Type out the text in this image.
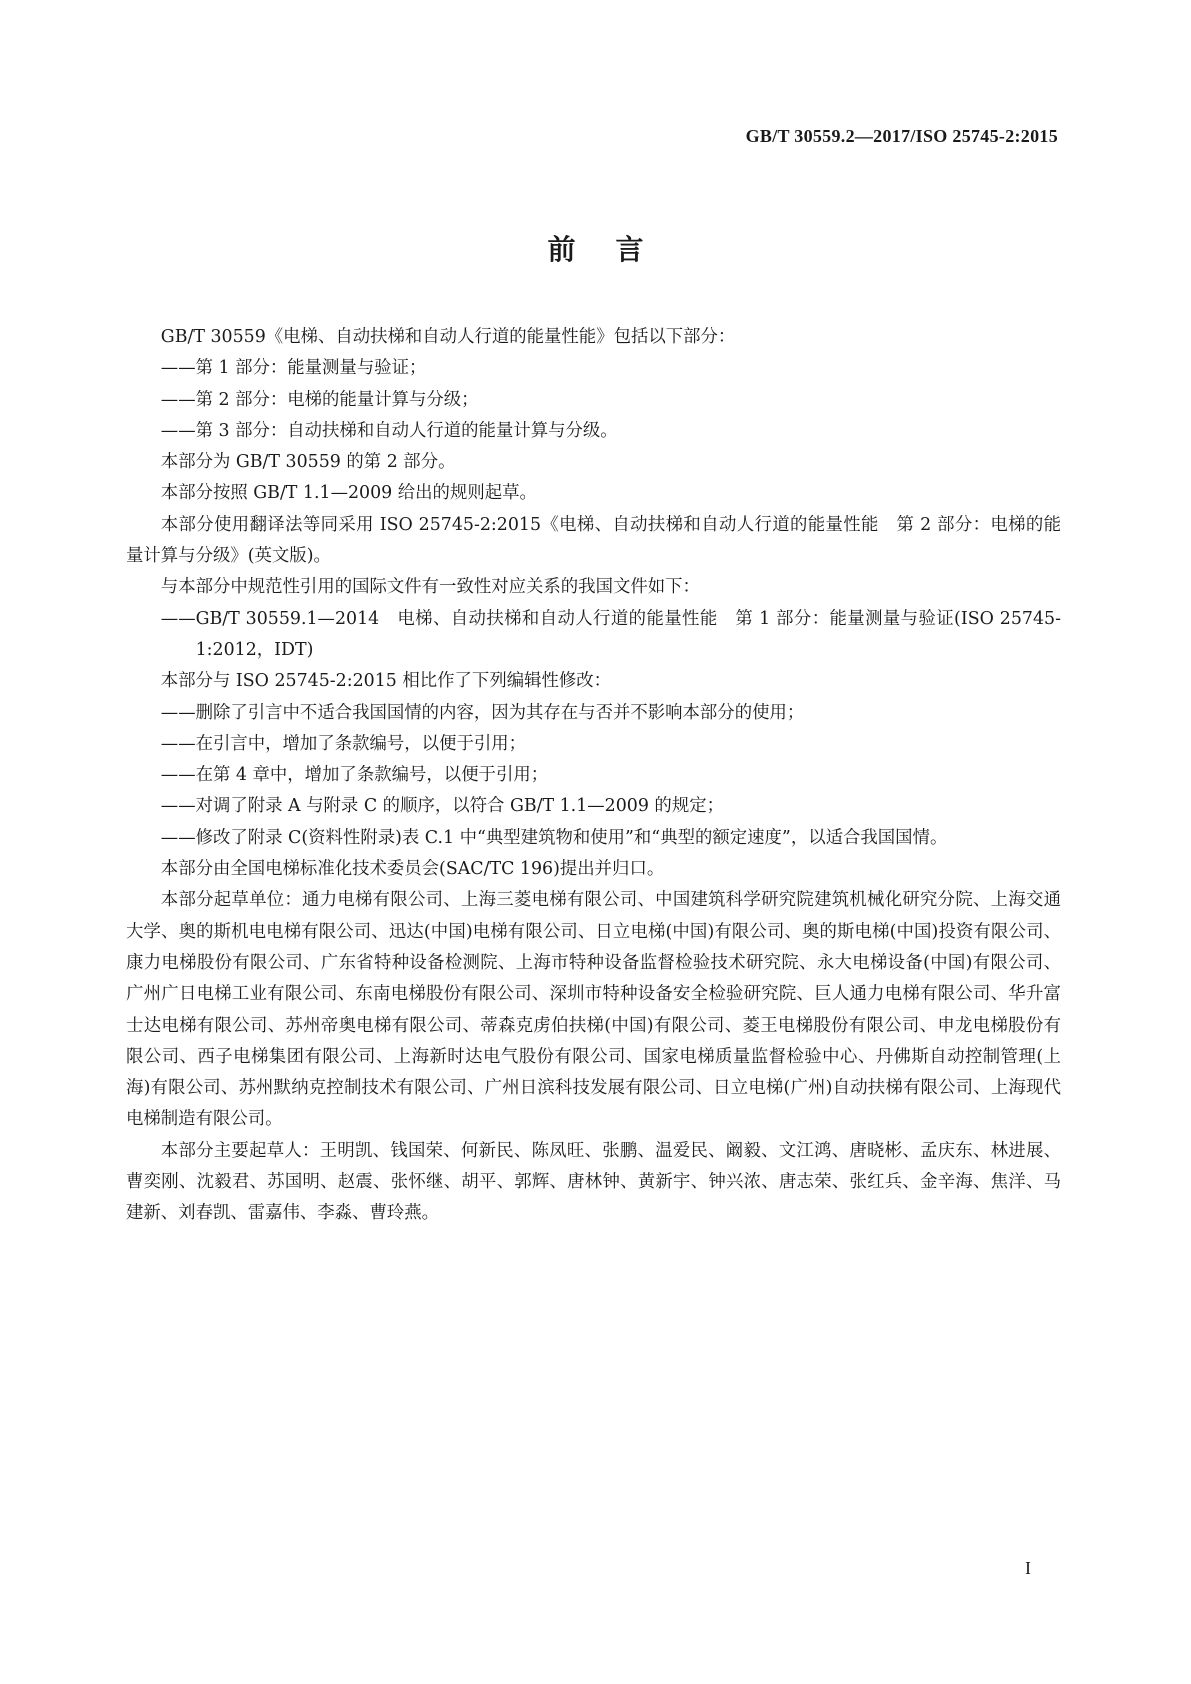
GB/T 30559.2—2017/ISO 25745-2:2015
前言

GB/T 30559《电梯、自动扶梯和自动人行道的能量性能》包括以下部分：

——第 1 部分：能量测量与验证；

——第 2 部分：电梯的能量计算与分级；

——第 3 部分：自动扶梯和自动人行道的能量计算与分级。

本部分为 GB/T 30559 的第 2 部分。

本部分按照 GB/T 1.1—2009 给出的规则起草。

本部分使用翻译法等同采用 ISO 25745-2:2015《电梯、自动扶梯和自动人行道的能量性能　第 2 部分：电梯的能量计算与分级》(英文版)。

与本部分中规范性引用的国际文件有一致性对应关系的我国文件如下：

——GB/T 30559.1—2014　电梯、自动扶梯和自动人行道的能量性能　第 1 部分：能量测量与验证(ISO 25745-1:2012，IDT)

本部分与 ISO 25745-2:2015 相比作了下列编辑性修改：

——删除了引言中不适合我国国情的内容，因为其存在与否并不影响本部分的使用；

——在引言中，增加了条款编号，以便于引用；

——在第 4 章中，增加了条款编号，以便于引用；

——对调了附录 A 与附录 C 的顺序，以符合 GB/T 1.1—2009 的规定；

——修改了附录 C(资料性附录)表 C.1 中“典型建筑物和使用”和“典型的额定速度”，以适合我国国情。

本部分由全国电梯标准化技术委员会(SAC/TC 196)提出并归口。

本部分起草单位：通力电梯有限公司、上海三菱电梯有限公司、中国建筑科学研究院建筑机械化研究分院、上海交通大学、奥的斯机电电梯有限公司、迅达(中国)电梯有限公司、日立电梯(中国)有限公司、奥的斯电梯(中国)投资有限公司、康力电梯股份有限公司、广东省特种设备检测院、上海市特种设备监督检验技术研究院、永大电梯设备(中国)有限公司、广州广日电梯工业有限公司、东南电梯股份有限公司、深圳市特种设备安全检验研究院、巨人通力电梯有限公司、华升富士达电梯有限公司、苏州帝奥电梯有限公司、蒂森克虏伯扶梯(中国)有限公司、菱王电梯股份有限公司、申龙电梯股份有限公司、西子电梯集团有限公司、上海新时达电气股份有限公司、国家电梯质量监督检验中心、丹佛斯自动控制管理(上海)有限公司、苏州默纳克控制技术有限公司、广州日滨科技发展有限公司、日立电梯(广州)自动扶梯有限公司、上海现代电梯制造有限公司。

本部分主要起草人：王明凯、钱国荣、何新民、陈凤旺、张鹏、温爱民、阚毅、文江鸿、唐晓彬、孟庆东、林进展、曹奕刚、沈毅君、苏国明、赵震、张怀继、胡平、郭辉、唐林钟、黄新宇、钟兴浓、唐志荣、张红兵、金辛海、焦洋、马建新、刘春凯、雷嘉伟、李淼、曹玲燕。

I
